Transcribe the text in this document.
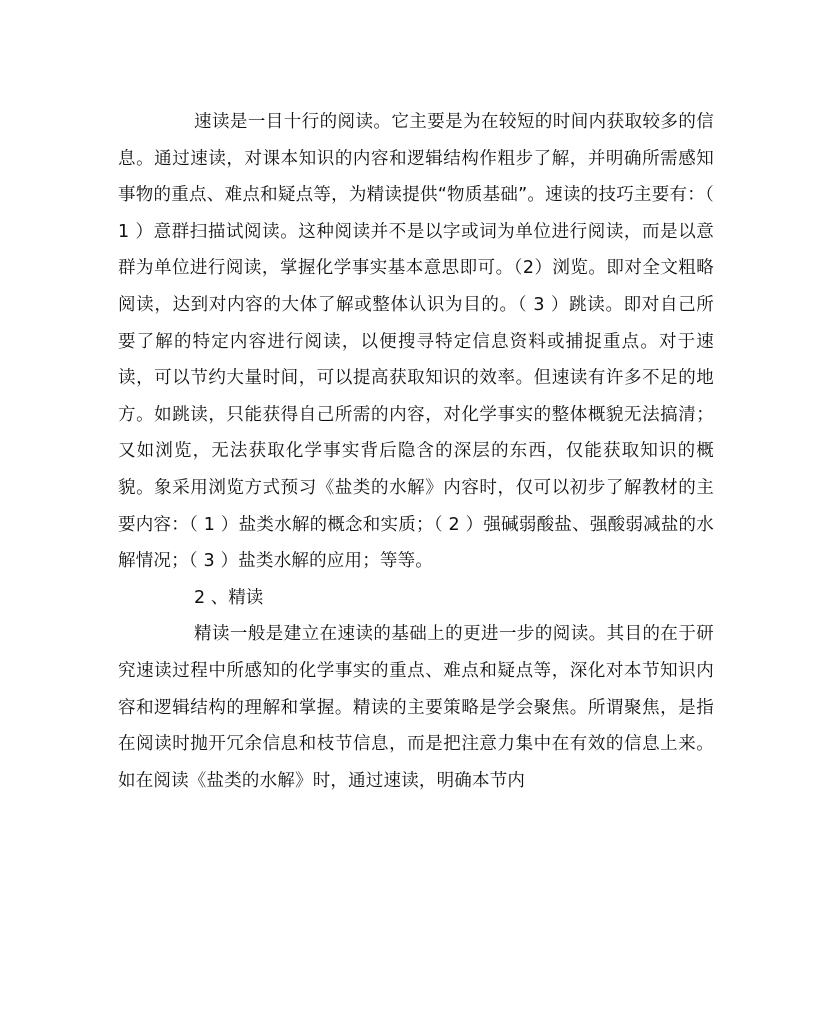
速读是一目十行的阅读。它主要是为在较短的时间内获取较多的信息。通过速读，对课本知识的内容和逻辑结构作粗步了解，并明确所需感知事物的重点、难点和疑点等，为精读提供“物质基础”。速读的技巧主要有：（ 1 ）意群扫描试阅读。这种阅读并不是以字或词为单位进行阅读，而是以意群为单位进行阅读，掌握化学事实基本意思即可。（2）浏览。即对全文粗略阅读，达到对内容的大体了解或整体认识为目的。（ 3 ）跳读。即对自己所要了解的特定内容进行阅读，以便搜寻特定信息资料或捕捉重点。对于速读，可以节约大量时间，可以提高获取知识的效率。但速读有许多不足的地方。如跳读，只能获得自己所需的内容，对化学事实的整体概貌无法搞清；又如浏览，无法获取化学事实背后隐含的深层的东西，仅能获取知识的概貌。象采用浏览方式预习《盐类的水解》内容时，仅可以初步了解教材的主要内容：（ 1 ）盐类水解的概念和实质；（ 2 ）强碱弱酸盐、强酸弱减盐的水解情况；（ 3 ）盐类水解的应用；等等。

2 、精读

精读一般是建立在速读的基础上的更进一步的阅读。其目的在于研究速读过程中所感知的化学事实的重点、难点和疑点等，深化对本节知识内容和逻辑结构的理解和掌握。精读的主要策略是学会聚焦。所谓聚焦，是指在阅读时抛开冗余信息和枝节信息，而是把注意力集中在有效的信息上来。如在阅读《盐类的水解》时，通过速读，明确本节内
